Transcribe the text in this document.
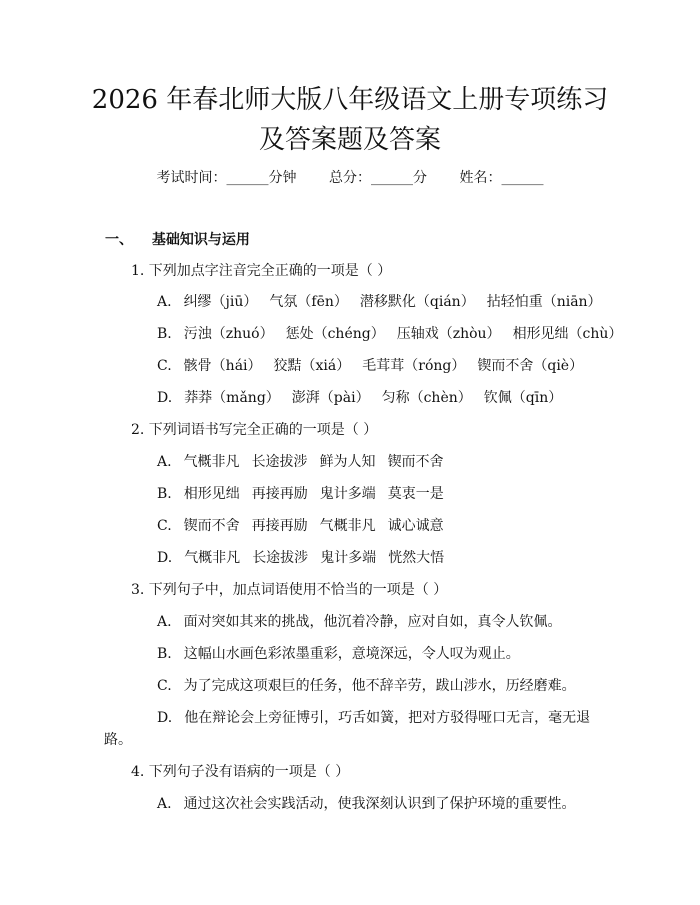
2026 年春北师大版八年级语文上册专项练习
及答案题及答案
考试时间：______分钟 总分：______分 姓名：______
一、 基础知识与运用
1. 下列加点字注音完全正确的一项是（ ）
A. 纠缪（jiū） 气氛（fēn） 潜移默化（qián） 拈轻怕重（niān）
B. 污浊（zhuó） 惩处（chéng） 压轴戏（zhòu） 相形见绌（chù）
C. 骸骨（hái） 狡黠（xiá） 毛茸茸（róng） 锲而不舍（qiè）
D. 莽莽（mǎng） 澎湃（pài） 匀称（chèn） 钦佩（qīn）
2. 下列词语书写完全正确的一项是（ ）
A. 气概非凡 长途拔涉 鲜为人知 锲而不舍
B. 相形见绌 再接再励 鬼计多端 莫衷一是
C. 锲而不舍 再接再励 气概非凡 诚心诚意
D. 气概非凡 长途拔涉 鬼计多端 恍然大悟
3. 下列句子中，加点词语使用不恰当的一项是（ ）
A. 面对突如其来的挑战，他沉着冷静，应对自如，真令人钦佩。
B. 这幅山水画色彩浓墨重彩，意境深远，令人叹为观止。
C. 为了完成这项艰巨的任务，他不辞辛劳，跋山涉水，历经磨难。
D. 他在辩论会上旁征博引，巧舌如簧，把对方驳得哑口无言，毫无退路。
4. 下列句子没有语病的一项是（ ）
A. 通过这次社会实践活动，使我深刻认识到了保护环境的重要性。
